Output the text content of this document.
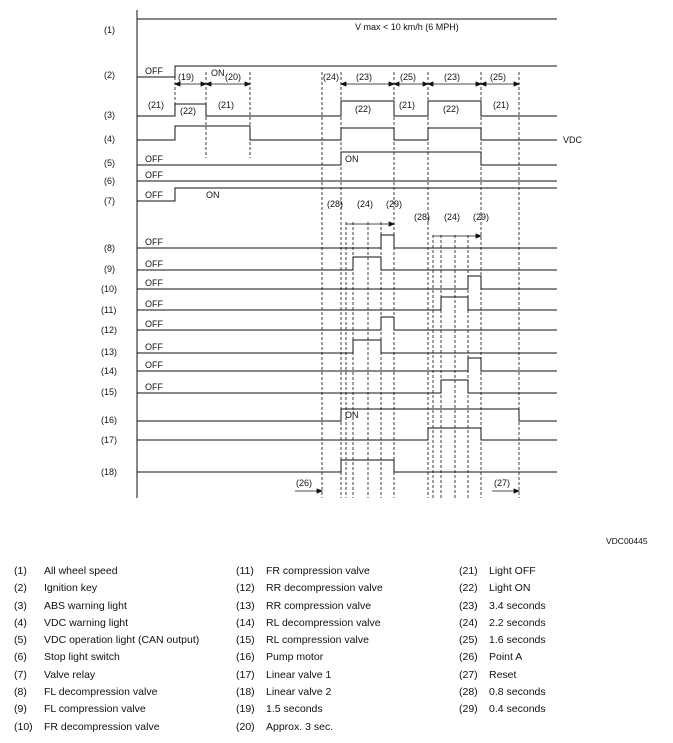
(1)
(2)
(3)
(4)
(5)
(6)
(7)
(8)
(9)
(10)
(11)
(12)
(13)
(14)
(15)
(16)
(17)
(18)
V max < 10 km/h (6 MPH)
VDC
OFF	ON
(19)	(20)	(24) (23)	(25)	(23)	(25)
(21)
(22)
(21)	(22)	(21)	(22)	(21)
OFF	ON
OFF
OFF	ON
(28) (24) (29)
(28) (24) (29)
OFF
OFF
OFF
OFF
OFF
OFF
OFF
OFF
ON
(26)	(27)
VDC00445
(1)	All wheel speed
(2)	Ignition key
(3)	ABS warning light
(4)	VDC warning light
(5)	VDC operation light (CAN output)
(6)	Stop light switch
(7)	Valve relay
(8)	FL decompression valve
(9)	FL compression valve
(10)	FR decompression valve
(11)	FR compression valve
(12)	RR decompression valve
(13)	RR compression valve
(14)	RL decompression valve
(15)	RL compression valve
(16)	Pump motor
(17)	Linear valve 1
(18)	Linear valve 2
(19)	1.5 seconds
(20)	Approx. 3 sec.
(21)	Light OFF
(22)	Light ON
(23)	3.4 seconds
(24)	2.2 seconds
(25)	1.6 seconds
(26)	Point A
(27)	Reset
(28)	0.8 seconds
(29)	0.4 seconds
